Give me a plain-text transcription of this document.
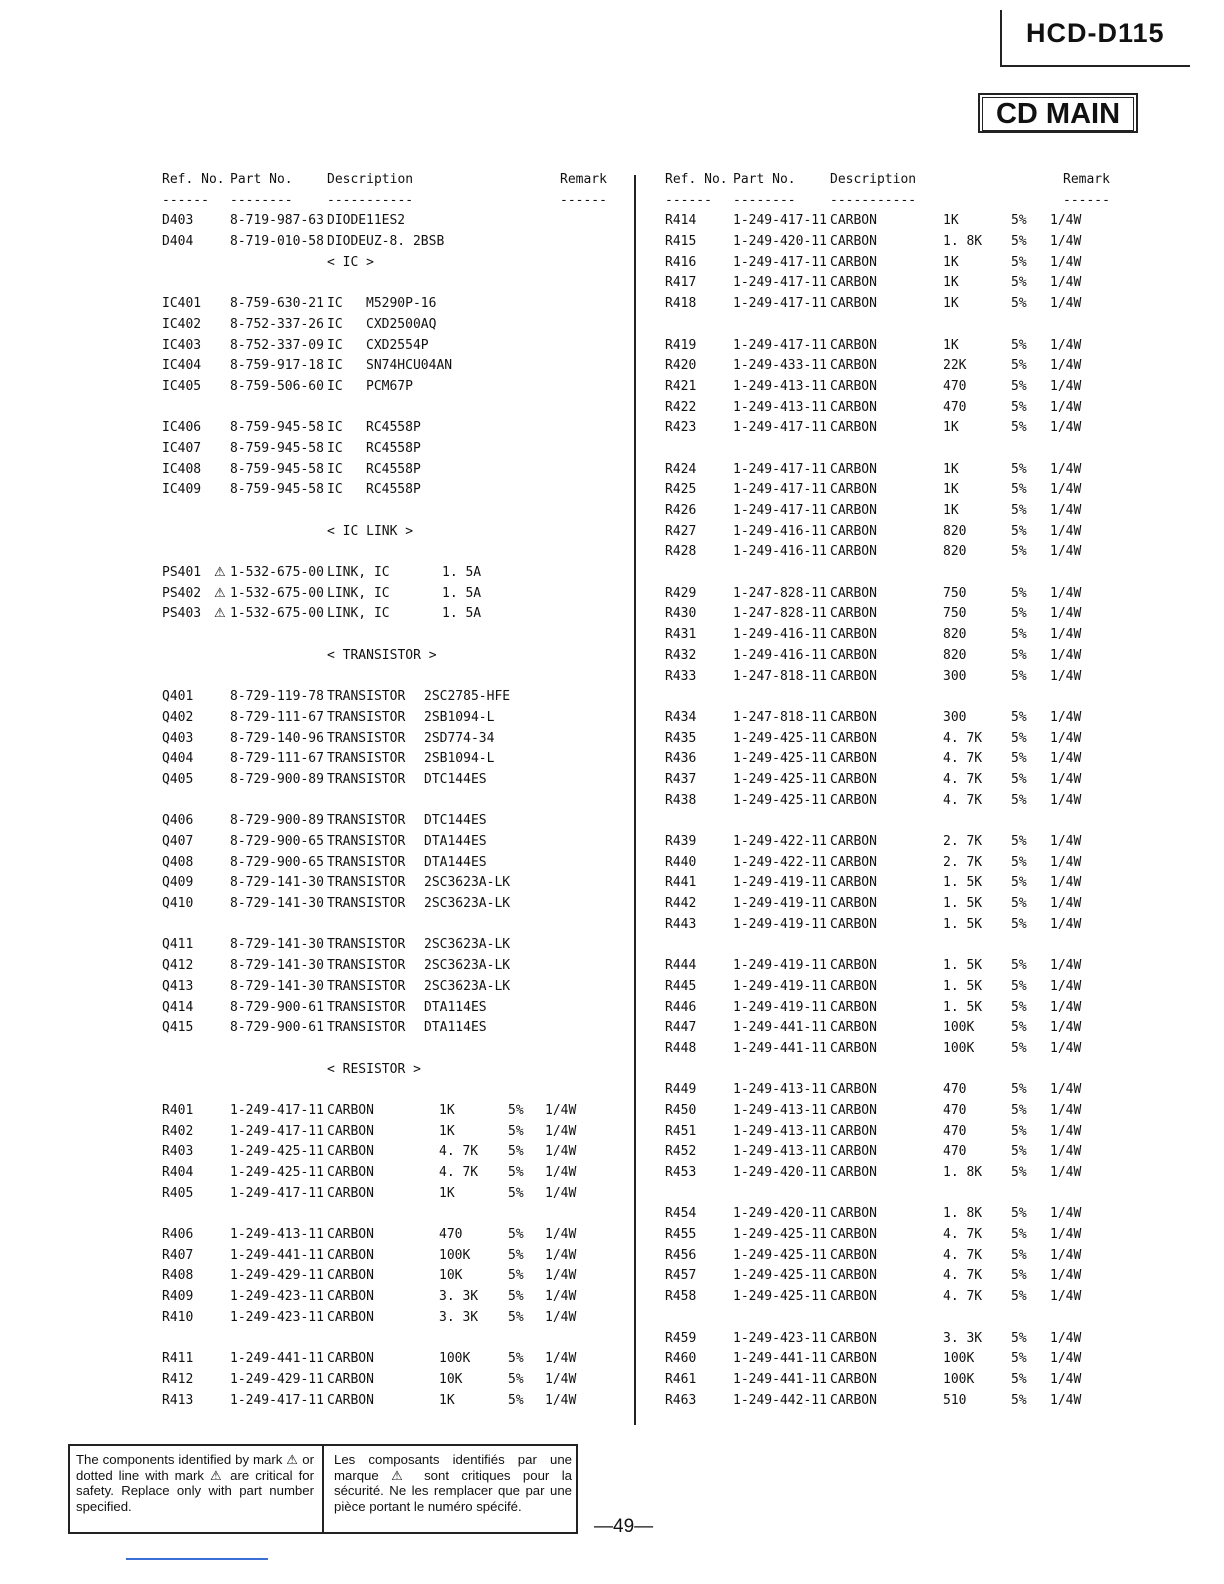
HCD-D115
CD MAIN
Ref. No. Part No.	Description	Remark
------ --------	-----------	------
D403	8-719-987-63 DIODE 11ES2
D404	8-719-010-58 DIODE UZ-8. 2BSB
< IC >
IC401 8-759-630-21 IC M5290P-16
IC402 8-752-337-26 IC CXD2500AQ
IC403 8-752-337-09 IC CXD2554P
IC404 8-759-917-18 IC SN74HCU04AN
IC405 8-759-506-60 IC PCM67P
IC406 8-759-945-58 IC RC4558P
IC407 8-759-945-58 IC RC4558P
IC408 8-759-945-58 IC RC4558P
IC409 8-759-945-58 IC RC4558P
< IC LINK >
PS401 ⚠ 1-532-675-00 LINK, IC	1. 5A
PS402 ⚠ 1-532-675-00 LINK, IC	1. 5A
PS403 ⚠ 1-532-675-00 LINK, IC	1. 5A
< TRANSISTOR >
Q401	8-729-119-78 TRANSISTOR 2SC2785-HFE
Q402	8-729-111-67 TRANSISTOR 2SB1094-L
Q403	8-729-140-96 TRANSISTOR 2SD774-34
Q404	8-729-111-67 TRANSISTOR 2SB1094-L
Q405	8-729-900-89 TRANSISTOR DTC144ES
Q406	8-729-900-89 TRANSISTOR DTC144ES
Q407	8-729-900-65 TRANSISTOR DTA144ES
Q408	8-729-900-65 TRANSISTOR DTA144ES
Q409	8-729-141-30 TRANSISTOR 2SC3623A-LK
Q410	8-729-141-30 TRANSISTOR 2SC3623A-LK
Q411	8-729-141-30 TRANSISTOR 2SC3623A-LK
Q412	8-729-141-30 TRANSISTOR 2SC3623A-LK
Q413	8-729-141-30 TRANSISTOR 2SC3623A-LK
Q414	8-729-900-61 TRANSISTOR DTA114ES
Q415	8-729-900-61 TRANSISTOR DTA114ES
< RESISTOR >
R401	1-249-417-11 CARBON	1K	5% 1/4W
R402	1-249-417-11 CARBON	1K	5% 1/4W
R403	1-249-425-11 CARBON	4. 7K 5% 1/4W
R404	1-249-425-11 CARBON	4. 7K 5% 1/4W
R405	1-249-417-11 CARBON	1K	5% 1/4W
R406	1-249-413-11 CARBON	470	5% 1/4W
R407	1-249-441-11 CARBON	100K	5% 1/4W
R408	1-249-429-11 CARBON	10K	5% 1/4W
R409	1-249-423-11 CARBON	3. 3K 5% 1/4W
R410	1-249-423-11 CARBON	3. 3K 5% 1/4W
R411	1-249-441-11 CARBON	100K	5% 1/4W
R412	1-249-429-11 CARBON	10K	5% 1/4W
R413	1-249-417-11 CARBON	1K	5% 1/4W
Ref. No. Part No.	Description	Remark
------ --------	-----------	------
R414	1-249-417-11 CARBON	1K	5% 1/4W
R415	1-249-420-11 CARBON	1. 8K 5% 1/4W
R416	1-249-417-11 CARBON	1K	5% 1/4W
R417	1-249-417-11 CARBON	1K	5% 1/4W
R418	1-249-417-11 CARBON	1K	5% 1/4W
R419	1-249-417-11 CARBON	1K	5% 1/4W
R420	1-249-433-11 CARBON	22K	5% 1/4W
R421	1-249-413-11 CARBON	470	5% 1/4W
R422	1-249-413-11 CARBON	470	5% 1/4W
R423	1-249-417-11 CARBON	1K	5% 1/4W
R424	1-249-417-11 CARBON	1K	5% 1/4W
R425	1-249-417-11 CARBON	1K	5% 1/4W
R426	1-249-417-11 CARBON	1K	5% 1/4W
R427	1-249-416-11 CARBON	820	5% 1/4W
R428	1-249-416-11 CARBON	820	5% 1/4W
R429	1-247-828-11 CARBON	750	5% 1/4W
R430	1-247-828-11 CARBON	750	5% 1/4W
R431	1-249-416-11 CARBON	820	5% 1/4W
R432	1-249-416-11 CARBON	820	5% 1/4W
R433	1-247-818-11 CARBON	300	5% 1/4W
R434	1-247-818-11 CARBON	300	5% 1/4W
R435	1-249-425-11 CARBON	4. 7K 5% 1/4W
R436	1-249-425-11 CARBON	4. 7K 5% 1/4W
R437	1-249-425-11 CARBON	4. 7K 5% 1/4W
R438	1-249-425-11 CARBON	4. 7K 5% 1/4W
R439	1-249-422-11 CARBON	2. 7K 5% 1/4W
R440	1-249-422-11 CARBON	2. 7K 5% 1/4W
R441	1-249-419-11 CARBON	1. 5K 5% 1/4W
R442	1-249-419-11 CARBON	1. 5K 5% 1/4W
R443	1-249-419-11 CARBON	1. 5K 5% 1/4W
R444	1-249-419-11 CARBON	1. 5K 5% 1/4W
R445	1-249-419-11 CARBON	1. 5K 5% 1/4W
R446	1-249-419-11 CARBON	1. 5K 5% 1/4W
R447	1-249-441-11 CARBON	100K	5% 1/4W
R448	1-249-441-11 CARBON	100K	5% 1/4W
R449	1-249-413-11 CARBON	470	5% 1/4W
R450	1-249-413-11 CARBON	470	5% 1/4W
R451	1-249-413-11 CARBON	470	5% 1/4W
R452	1-249-413-11 CARBON	470	5% 1/4W
R453	1-249-420-11 CARBON	1. 8K 5% 1/4W
R454	1-249-420-11 CARBON	1. 8K 5% 1/4W
R455	1-249-425-11 CARBON	4. 7K 5% 1/4W
R456	1-249-425-11 CARBON	4. 7K 5% 1/4W
R457	1-249-425-11 CARBON	4. 7K 5% 1/4W
R458	1-249-425-11 CARBON	4. 7K 5% 1/4W
R459	1-249-423-11 CARBON	3. 3K 5% 1/4W
R460	1-249-441-11 CARBON	100K	5% 1/4W
R461	1-249-441-11 CARBON	100K	5% 1/4W
R463	1-249-442-11 CARBON	510	5% 1/4W
The components identified by mark ⚠ or dotted line with mark ⚠ are critical for safety. Replace only with part number specified.
Les composants identifiés par une marque ⚠ sont critiques pour la sécurité. Ne les remplacer que par une pièce portant le numéro spécifé.
—49—
